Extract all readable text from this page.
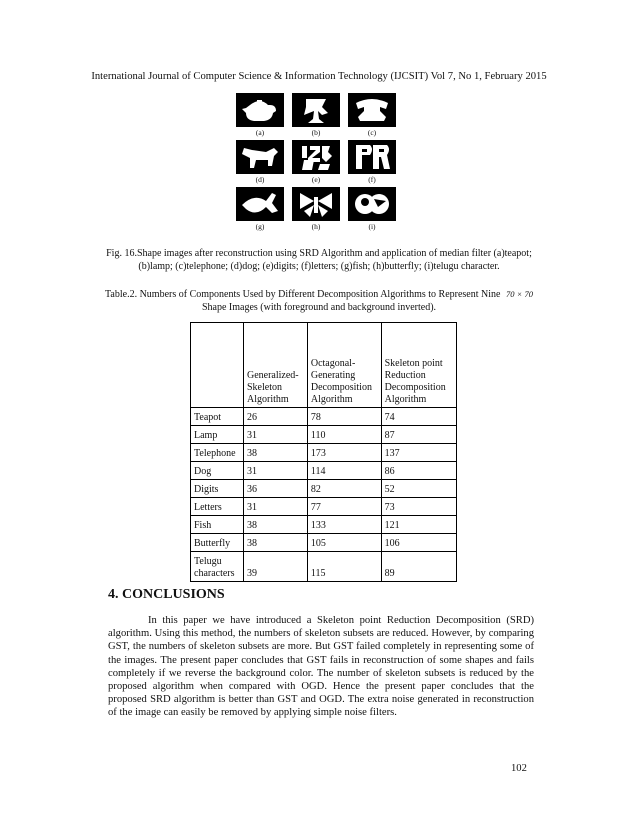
International Journal of Computer Science & Information Technology (IJCSIT) Vol 7, No 1, February 2015
(a)	(b)	(c)
(d)	(e)	(f)
(g)	(h)	(i)
Fig. 16.Shape images after reconstruction using SRD Algorithm and application of median filter (a)teapot; (b)lamp; (c)telephone; (d)dog; (e)digits; (f)letters; (g)fish; (h)butterfly; (i)telugu character.
Table.2. Numbers of Components Used by Different Decomposition Algorithms to Represent Nine 70 × 70
Shape Images (with foreground and background inverted).
	Generalized-Skeleton Algorithm	Octagonal-Generating Decomposition Algorithm	Skeleton point Reduction Decomposition Algorithm
Teapot	26	78	74
Lamp	31	110	87
Telephone	38	173	137
Dog	31	114	86
Digits	36	82	52
Letters	31	77	73
Fish	38	133	121
Butterfly	38	105	106
Telugu characters	39	115	89
4. CONCLUSIONS
In this paper we have introduced a Skeleton point Reduction Decomposition (SRD) algorithm. Using this method, the numbers of skeleton subsets are reduced. However, by comparing GST, the numbers of skeleton subsets are more. But GST failed completely in representing some of the images. The present paper concludes that GST fails in reconstruction of some shapes and fails completely if we reverse the background color. The number of skeleton subsets is reduced by the proposed algorithm when compared with OGD. Hence the present paper concludes that the proposed SRD algorithm is better than GST and OGD. The extra noise generated in reconstruction of the image can easily be removed by applying simple noise filters.
102
